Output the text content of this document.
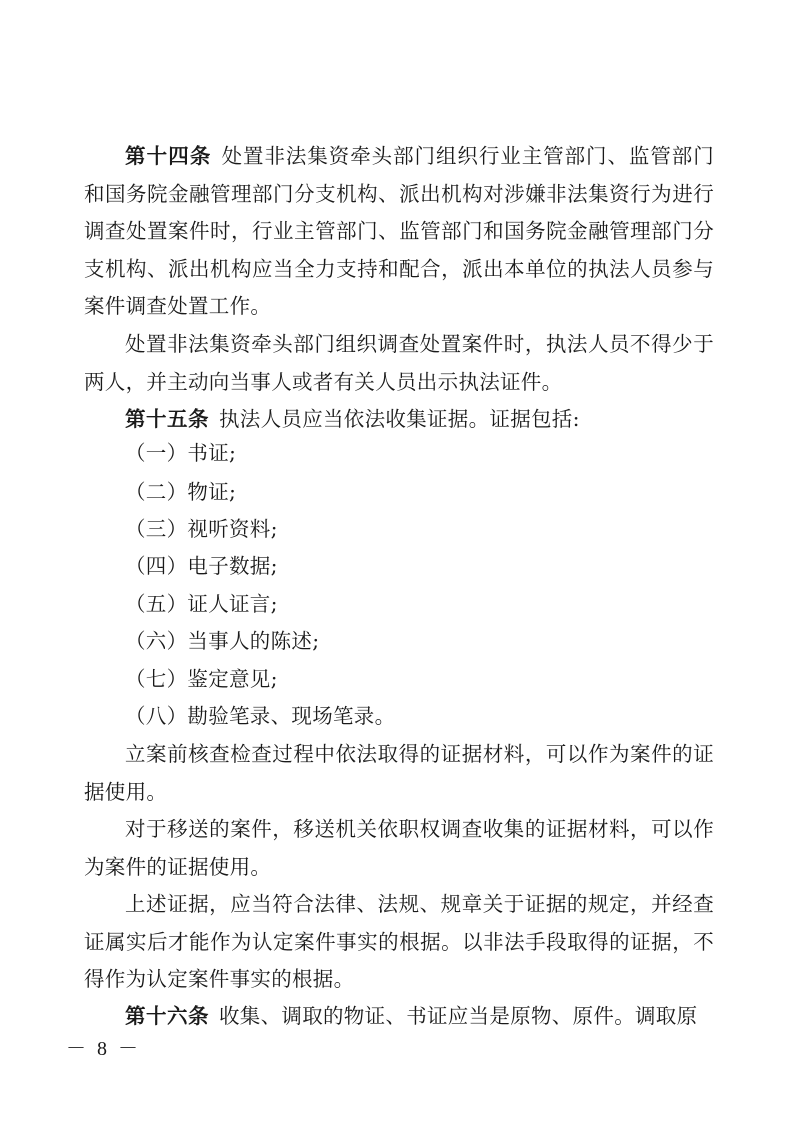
第十四条 处置非法集资牵头部门组织行业主管部门、监管部门和国务院金融管理部门分支机构、派出机构对涉嫌非法集资行为进行调查处置案件时，行业主管部门、监管部门和国务院金融管理部门分支机构、派出机构应当全力支持和配合，派出本单位的执法人员参与案件调查处置工作。

处置非法集资牵头部门组织调查处置案件时，执法人员不得少于两人，并主动向当事人或者有关人员出示执法证件。

第十五条 执法人员应当依法收集证据。证据包括:

（一）书证;

（二）物证;

（三）视听资料;

（四）电子数据;

（五）证人证言;

（六）当事人的陈述;

（七）鉴定意见;

（八）勘验笔录、现场笔录。

立案前核查检查过程中依法取得的证据材料，可以作为案件的证据使用。

对于移送的案件，移送机关依职权调查收集的证据材料，可以作为案件的证据使用。

上述证据，应当符合法律、法规、规章关于证据的规定，并经查证属实后才能作为认定案件事实的根据。以非法手段取得的证据，不得作为认定案件事实的根据。

第十六条 收集、调取的物证、书证应当是原物、原件。调取原

－ 8 －
